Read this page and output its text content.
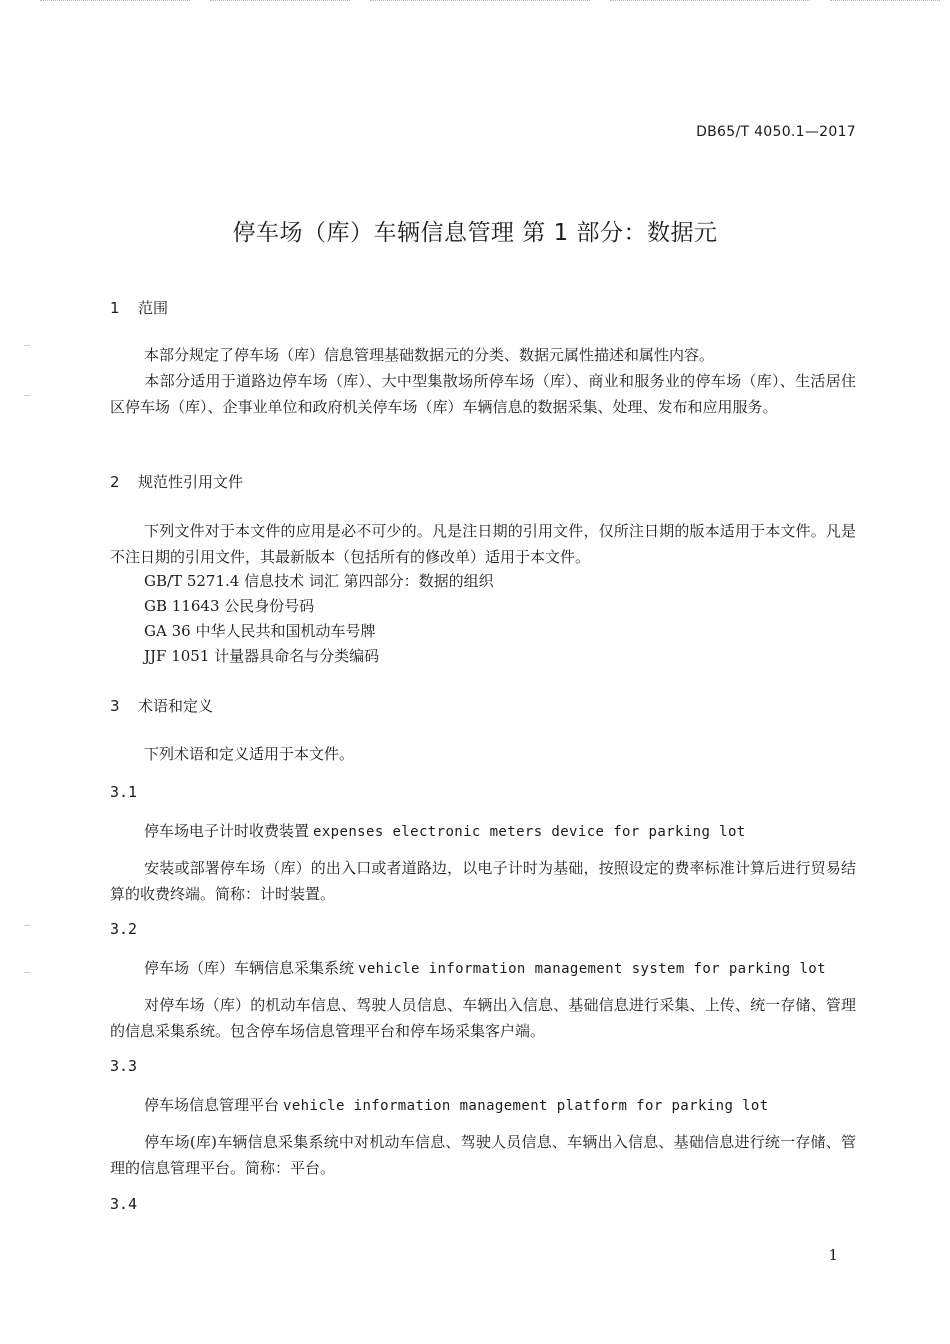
DB65/T 4050.1—2017
停车场（库）车辆信息管理 第 1 部分：数据元
1 范围
本部分规定了停车场（库）信息管理基础数据元的分类、数据元属性描述和属性内容。
本部分适用于道路边停车场（库）、大中型集散场所停车场（库）、商业和服务业的停车场（库）、生活居住区停车场（库）、企事业单位和政府机关停车场（库）车辆信息的数据采集、处理、发布和应用服务。
2 规范性引用文件
下列文件对于本文件的应用是必不可少的。凡是注日期的引用文件，仅所注日期的版本适用于本文件。凡是不注日期的引用文件，其最新版本（包括所有的修改单）适用于本文件。
GB/T 5271.4 信息技术 词汇 第四部分：数据的组织
GB 11643 公民身份号码
GA 36 中华人民共和国机动车号牌
JJF 1051 计量器具命名与分类编码
3 术语和定义
下列术语和定义适用于本文件。
3.1
停车场电子计时收费装置 expenses electronic meters device for parking lot
安装或部署停车场（库）的出入口或者道路边，以电子计时为基础，按照设定的费率标准计算后进行贸易结算的收费终端。简称：计时装置。
3.2
停车场（库）车辆信息采集系统 vehicle information management system for parking lot
对停车场（库）的机动车信息、驾驶人员信息、车辆出入信息、基础信息进行采集、上传、统一存储、管理的信息采集系统。包含停车场信息管理平台和停车场采集客户端。
3.3
停车场信息管理平台 vehicle information management platform for parking lot
停车场(库)车辆信息采集系统中对机动车信息、驾驶人员信息、车辆出入信息、基础信息进行统一存储、管理的信息管理平台。简称：平台。
3.4
1
